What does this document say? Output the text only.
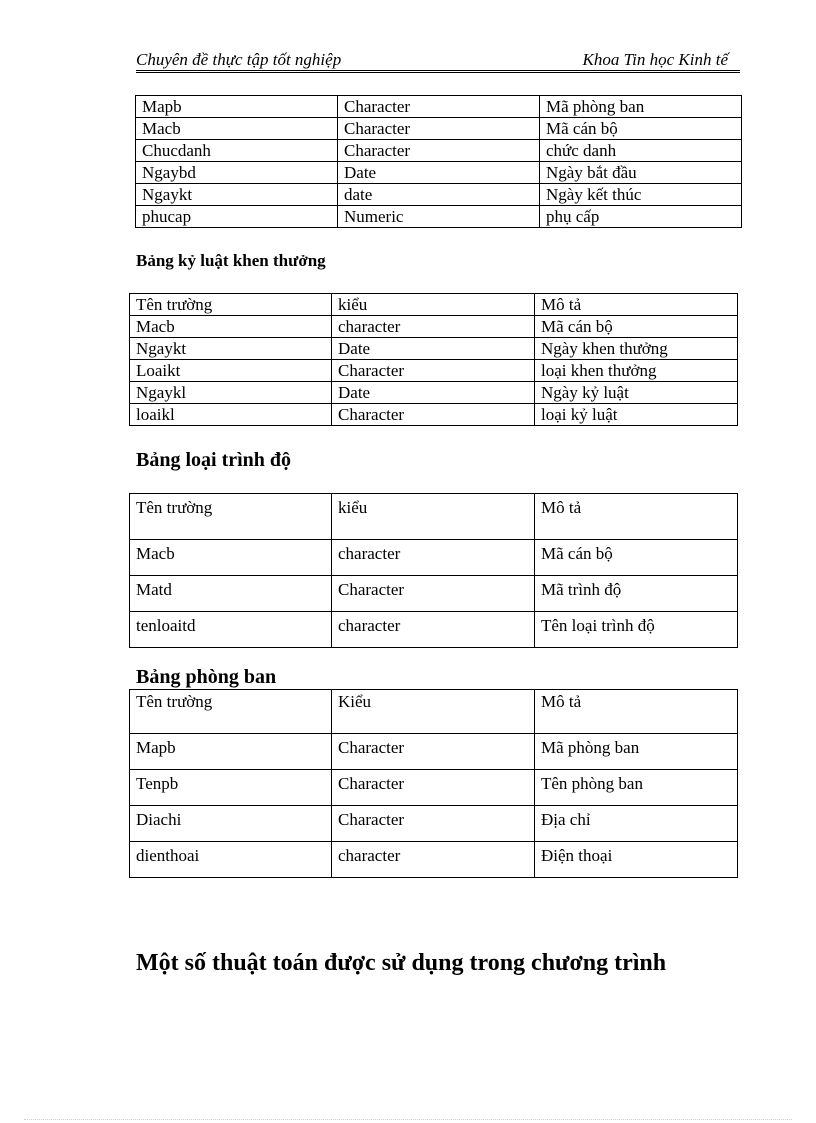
Chuyên đề thực tập tốt nghiệp	Khoa Tin học Kinh tế
Mapb	Character	Mã phòng ban
Macb	Character	Mã cán bộ
Chucdanh	Character	chức danh
Ngaybd	Date	Ngày bắt đầu
Ngaykt	date	Ngày kết thúc
phucap	Numeric	phụ cấp
Bảng kỷ luật khen thưởng
Tên trường	kiểu	Mô tả
Macb	character	Mã cán bộ
Ngaykt	Date	Ngày khen thưởng
Loaikt	Character	loại khen thưởng
Ngaykl	Date	Ngày kỷ luật
loaikl	Character	loại kỷ luật
Bảng loại trình độ
Tên trường	kiểu	Mô tả
Macb	character	Mã cán bộ
Matd	Character	Mã trình độ
tenloaitd	character	Tên loại trình độ
Bảng phòng ban
Tên trường	Kiểu	Mô tả
Mapb	Character	Mã phòng ban
Tenpb	Character	Tên phòng ban
Diachi	Character	Địa chỉ
dienthoai	character	Điện thoại
Một số thuật toán được sử dụng trong chương trình
